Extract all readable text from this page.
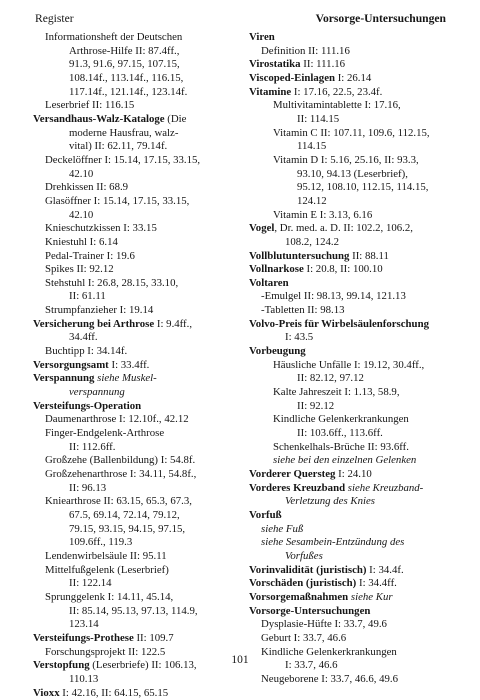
Register	Vorsorge-Untersuchungen
Informationsheft der Deutschen
Arthrose-Hilfe II: 87.4ff.,
91.3, 91.6, 97.15, 107.15,
108.14f., 113.14f., 116.15,
117.14f., 121.14f., 123.14f.
Leserbrief II: 116.15
Versandhaus-Walz-Kataloge (Die
moderne Hausfrau, walz-
vital) II: 62.11, 79.14f.
Deckelöffner I: 15.14, 17.15, 33.15,
42.10
Drehkissen II: 68.9
Glasöffner I: 15.14, 17.15, 33.15,
42.10
Knieschutzkissen I: 33.15
Kniestuhl I: 6.14
Pedal-Trainer I: 19.6
Spikes II: 92.12
Stehstuhl I: 26.8, 28.15, 33.10,
II: 61.11
Strumpfanzieher I: 19.14
Versicherung bei Arthrose I: 9.4ff.,
34.4ff.
Buchtipp I: 34.14f.
Versorgungsamt I: 33.4ff.
Verspannung siehe Muskel-
verspannung
Versteifungs-Operation
Daumenarthrose I: 12.10f., 42.12
Finger-Endgelenk-Arthrose
II: 112.6ff.
Großzehe (Ballenbildung) I: 54.8f.
Großzehenarthrose I: 34.11, 54.8f.,
II: 96.13
Kniearthrose II: 63.15, 65.3, 67.3,
67.5, 69.14, 72.14, 79.12,
79.15, 93.15, 94.15, 97.15,
109.6ff., 119.3
Lendenwirbelsäule II: 95.11
Mittelfußgelenk (Leserbrief)
II: 122.14
Sprunggelenk I: 14.11, 45.14,
II: 85.14, 95.13, 97.13, 114.9,
123.14
Versteifungs-Prothese II: 109.7
Forschungsprojekt II: 122.5
Verstopfung (Leserbriefe) II: 106.13,
110.13
Vioxx I: 42.16, II: 64.15, 65.15
Viren
Definition II: 111.16
Virostatika II: 111.16
Viscoped-Einlagen I: 26.14
Vitamine I: 17.16, 22.5, 23.4f.
Multivitamintablette I: 17.16,
II: 114.15
Vitamin C II: 107.11, 109.6, 112.15,
114.15
Vitamin D I: 5.16, 25.16, II: 93.3,
93.10, 94.13 (Leserbrief),
95.12, 108.10, 112.15, 114.15,
124.12
Vitamin E I: 3.13, 6.16
Vogel, Dr. med. a. D. II: 102.2, 106.2,
108.2, 124.2
Vollblutuntersuchung II: 88.11
Vollnarkose I: 20.8, II: 100.10
Voltaren
-Emulgel II: 98.13, 99.14, 121.13
-Tabletten II: 98.13
Volvo-Preis für Wirbelsäulenforschung
I: 43.5
Vorbeugung
Häusliche Unfälle I: 19.12, 30.4ff.,
II: 82.12, 97.12
Kalte Jahreszeit I: 1.13, 58.9,
II: 92.12
Kindliche Gelenkerkrankungen
II: 103.6ff., 113.6ff.
Schenkelhals-Brüche II: 93.6ff.
siehe bei den einzelnen Gelenken
Vorderer Quersteg I: 24.10
Vorderes Kreuzband siehe Kreuzband-
Verletzung des Knies
Vorfuß
siehe Fuß
siehe Sesambein-Entzündung des
Vorfußes
Vorinvalidität (juristisch) I: 34.4f.
Vorschäden (juristisch) I: 34.4ff.
Vorsorgemaßnahmen siehe Kur
Vorsorge-Untersuchungen
Dysplasie-Hüfte I: 33.7, 49.6
Geburt I: 33.7, 46.6
Kindliche Gelenkerkrankungen
I: 33.7, 46.6
Neugeborene I: 33.7, 46.6, 49.6
101
